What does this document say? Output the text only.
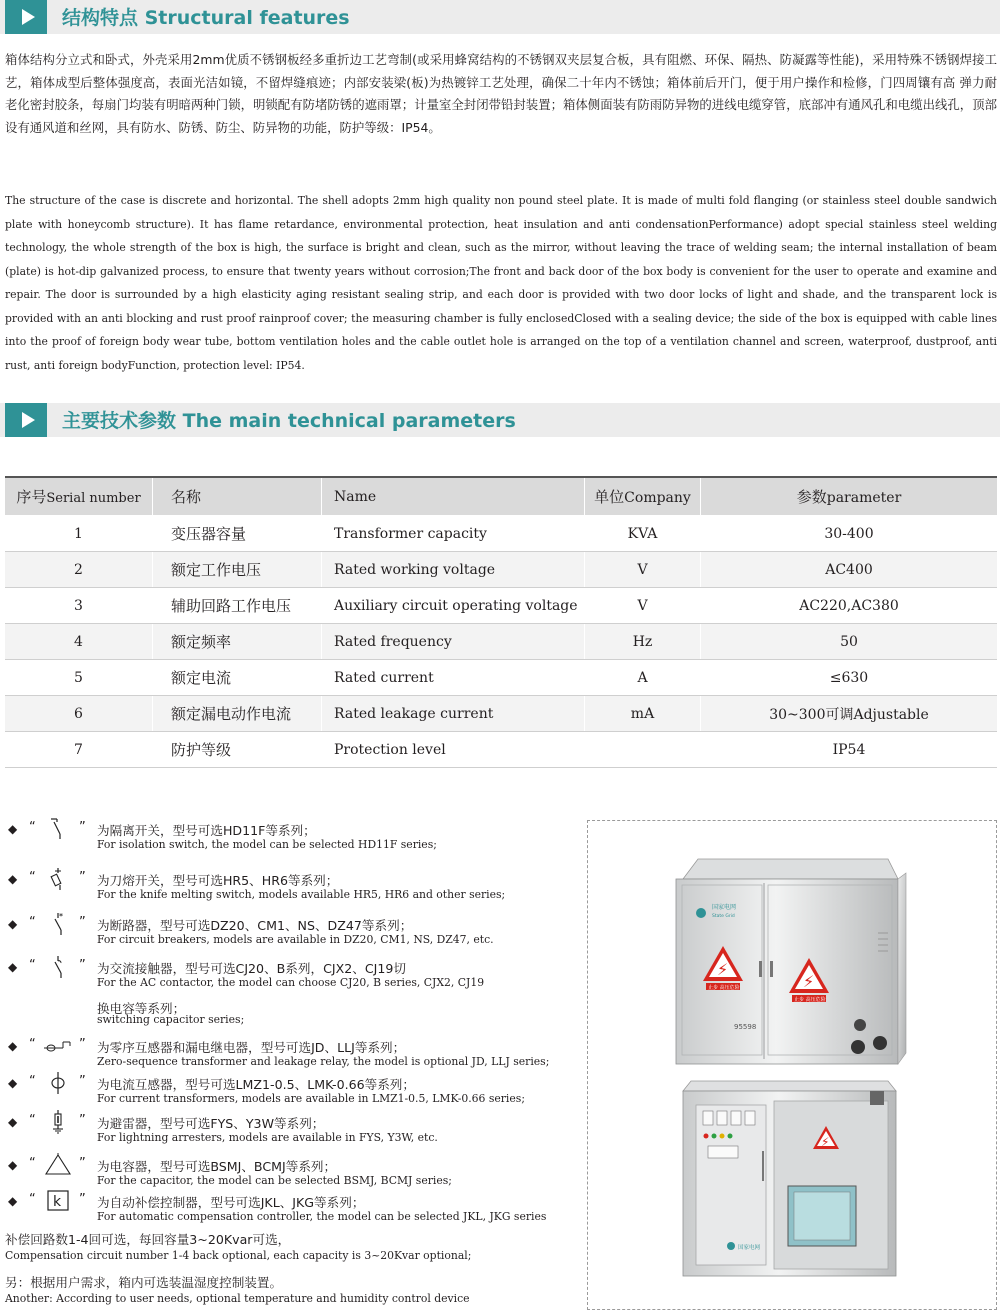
结构特点 Structural features
箱体结构分立式和卧式，外壳采用2mm优质不锈钢板经多重折边工艺弯制(或采用蜂窝结构的不锈钢双夹层复合板，具有阻燃、环保、隔热、防凝露等性能)，采用特殊不锈钢焊接工艺，箱体成型后整体强度高，表面光洁如镜，不留焊缝痕迹；内部安装梁(板)为热镀锌工艺处理，确保二十年内不锈蚀；箱体前后开门，便于用户操作和检修，门四周镶有高 弹力耐老化密封胶条，每扇门均装有明暗两种门锁，明锁配有防堵防锈的遮雨罩；计量室全封闭带铅封装置；箱体侧面装有防雨防异物的进线电缆穿管，底部冲有通风孔和电缆出线孔，顶部设有通风道和丝网，具有防水、防锈、防尘、防异物的功能，防护等级：IP54。
The structure of the case is discrete and horizontal. The shell adopts 2mm high quality non pound steel plate. It is made of multi fold flanging (or stainless steel double sandwich plate with honeycomb structure). It has flame retardance, environmental protection, heat insulation and anti condensationPerformance) adopt special stainless steel welding technology, the whole strength of the box is high, the surface is bright and clean, such as the mirror, without leaving the trace of welding seam; the internal installation of beam (plate) is hot-dip galvanized process, to ensure that twenty years without corrosion;The front and back door of the box body is convenient for the user to operate and examine and repair. The door is surrounded by a high elasticity aging resistant sealing strip, and each door is provided with two door locks of light and shade, and the transparent lock is provided with an anti blocking and rust proof rainproof cover; the measuring chamber is fully enclosedClosed with a sealing device; the side of the box is equipped with cable lines into the proof of foreign body wear tube, bottom ventilation holes and the cable outlet hole is arranged on the top of a ventilation channel and screen, waterproof, dustproof, anti rust, anti foreign bodyFunction, protection level: IP54.
主要技术参数 The main technical parameters
序号Serial number	名称	Name	单位Company	参数parameter
1	变压器容量	Transformer capacity	KVA	30-400
2	额定工作电压	Rated working voltage	V	AC400
3	辅助回路工作电压	Auxiliary circuit operating voltage	V	AC220,AC380
4	额定频率	Rated frequency	Hz	50
5	额定电流	Rated current	A	≤630
6	额定漏电动作电流	Rated leakage current	mA	30~300可调Adjustable
7	防护等级	Protection level		IP54
◆ “	” 为隔离开关，型号可选HD11F等系列；
For isolation switch, the model can be selected HD11F series;
◆ “	” 为刀熔开关，型号可选HR5、HR6等系列；
For the knife melting switch, models available HR5, HR6 and other series;
◆ “	* ” 为断路器，型号可选DZ20、CM1、NS、DZ47等系列；
For circuit breakers, models are available in DZ20, CM1, NS, DZ47, etc.
◆ “	” 为交流接触器，型号可选CJ20、B系列，CJX2、CJ19切
For the AC contactor, the model can choose CJ20, B series, CJX2, CJ19
换电容等系列；
switching capacitor series;
◆ “	” 为零序互感器和漏电继电器，型号可选JD、LLJ等系列；
Zero-sequence transformer and leakage relay, the model is optional JD, LLJ series;
◆ “	” 为电流互感器，型号可选LMZ1-0.5、LMK-0.66等系列；
For current transformers, models are available in LMZ1-0.5, LMK-0.66 series;
◆ “	” 为避雷器，型号可选FYS、Y3W等系列；
For lightning arresters, models are available in FYS, Y3W, etc.
◆ “	” 为电容器，型号可选BSMJ、BCMJ等系列；
For the capacitor, the model can be selected BSMJ, BCMJ series;
◆ “ k ” 为自动补偿控制器，型号可选JKL、JKG等系列；
For automatic compensation controller, the model can be selected JKL, JKG series
补偿回路数1-4回可选，每回容量3~20Kvar可选，
Compensation circuit number 1-4 back optional, each capacity is 3~20Kvar optional;
另：根据用户需求，箱内可选装温湿度控制装置。
Another: According to user needs, optional temperature and humidity control device
国家电网
State Grid
⚡
止步 高压危险	⚡
止步 高压危险
95598
⚡
国家电网
